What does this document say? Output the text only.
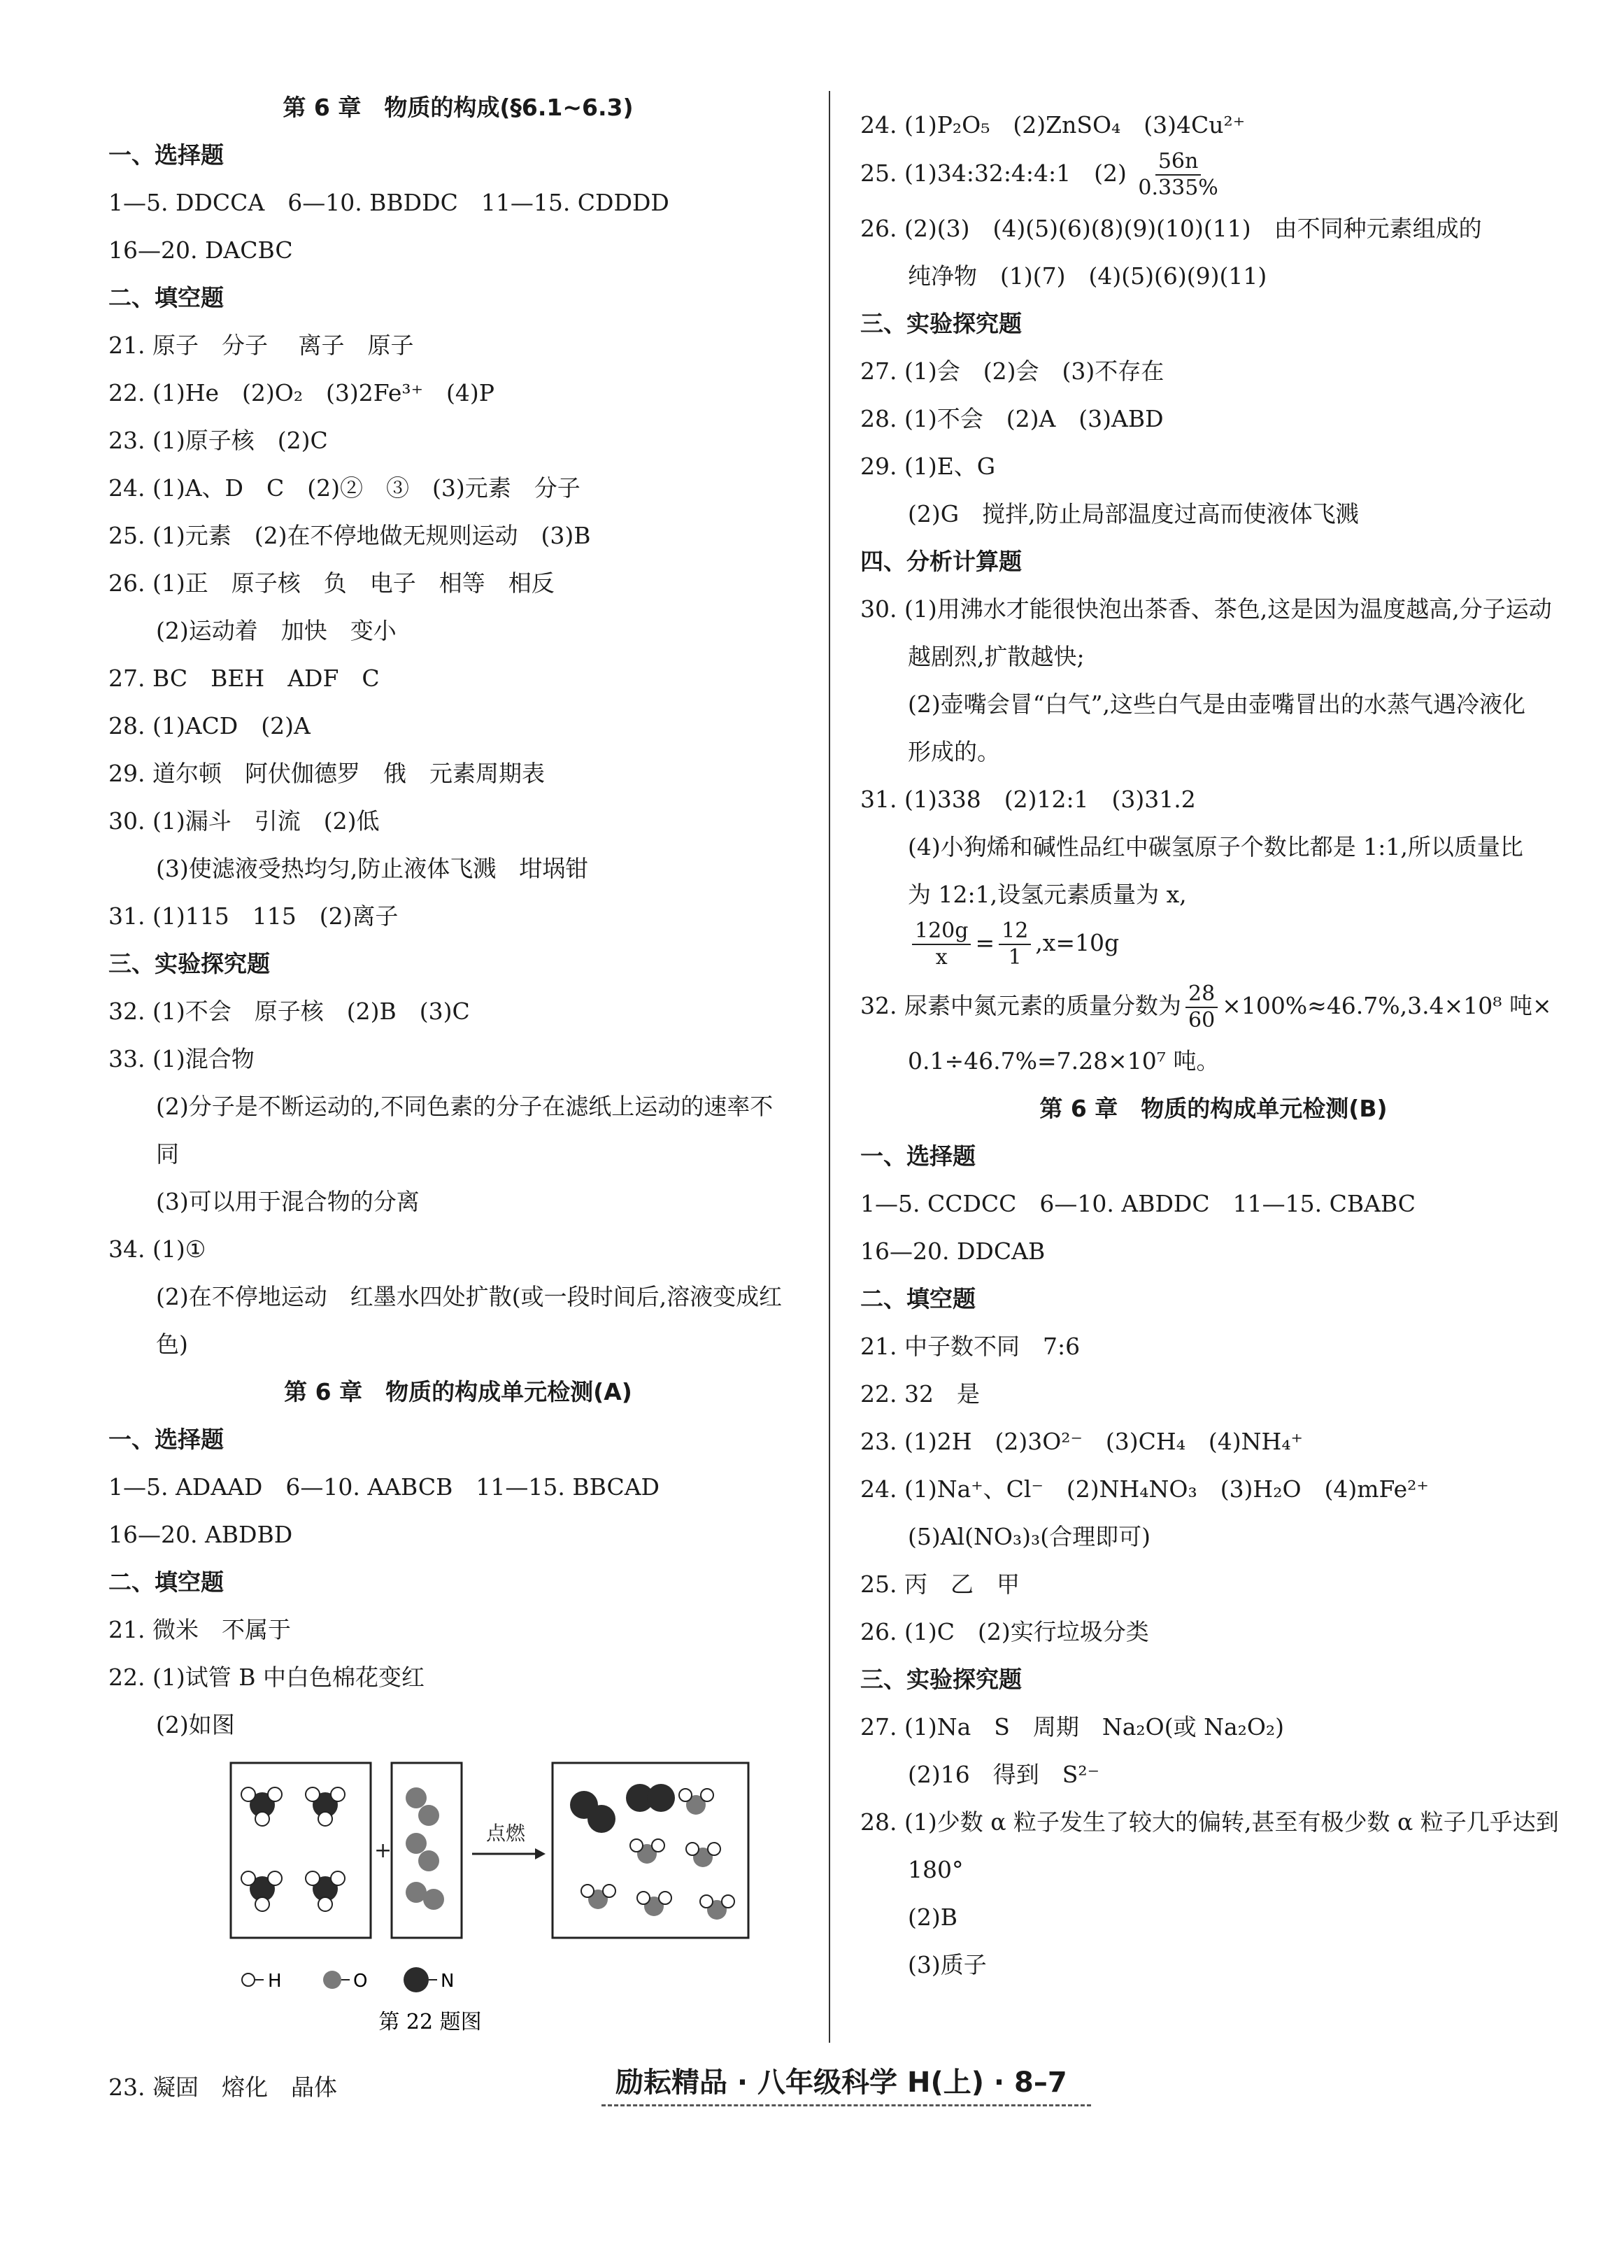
第 6 章　物质的构成(§6.1~6.3)
一、选择题
1—5. DDCCA　6—10. BBDDC　11—15. CDDDD
16—20. DACBC
二、填空题
21. 原子　分子　 离子　原子
22. (1)He　(2)O₂　(3)2Fe³⁺　(4)P
23. (1)原子核　(2)C
24. (1)A、D　C　(2)②　③　(3)元素　分子
25. (1)元素　(2)在不停地做无规则运动　(3)B
26. (1)正　原子核　负　电子　相等　相反
(2)运动着　加快　变小
27. BC　BEH　ADF　C
28. (1)ACD　(2)A
29. 道尔顿　阿伏伽德罗　俄　元素周期表
30. (1)漏斗　引流　(2)低
(3)使滤液受热均匀,防止液体飞溅　坩埚钳
31. (1)115　115　(2)离子
三、实验探究题
32. (1)不会　原子核　(2)B　(3)C
33. (1)混合物
(2)分子是不断运动的,不同色素的分子在滤纸上运动的速率不同
(3)可以用于混合物的分离
34. (1)①
(2)在不停地运动　红墨水四处扩散(或一段时间后,溶液变成红色)
第 6 章　物质的构成单元检测(A)
一、选择题
1—5. ADAAD　6—10. AABCB　11—15. BBCAD
16—20. ABDBD
二、填空题
21. 微米　不属于
22. (1)试管 B 中白色棉花变红
(2)如图
+
点燃
H	O	N
第 22 题图
23. 凝固　熔化　晶体
24. (1)P₂O₅　(2)ZnSO₄　(3)4Cu²⁺
25. (1)34:32:4:4:1　$(2) \frac{56n}{0.335\%}$
26. (2)(3)　(4)(5)(6)(8)(9)(10)(11)　由不同种元素组成的
纯净物　(1)(7)　(4)(5)(6)(9)(11)
三、实验探究题
27. (1)会　(2)会　(3)不存在
28. (1)不会　(2)A　(3)ABD
29. (1)E、G
(2)G　搅拌,防止局部温度过高而使液体飞溅
四、分析计算题
30. (1)用沸水才能很快泡出茶香、茶色,这是因为温度越高,分子运动越剧烈,扩散越快;
(2)壶嘴会冒“白气”,这些白气是由壶嘴冒出的水蒸气遇冷液化形成的。
31. (1)338　(2)12:1　(3)31.2
(4)小狗烯和碱性品红中碳氢原子个数比都是 1:1,所以质量比为 12:1,设氢元素质量为 x,
$\frac{120g}{x} = \frac{12}{1} ,x=10g$
32. 尿素中氮元素的质量分数为 $\frac{28}{60} \times 100\%\approx 46.7\%,3.4\times 10^8$ 吨×
0.1÷46.7%=7.28×10⁷ 吨。
第 6 章　物质的构成单元检测(B)
一、选择题
1—5. CCDCC　6—10. ABDDC　11—15. CBABC
16—20. DDCAB
二、填空题
21. 中子数不同　7:6
22. 32　是
23. (1)2H　(2)3O²⁻　(3)CH₄　(4)NH₄⁺
24. (1)Na⁺、Cl⁻　(2)NH₄NO₃　(3)H₂O　(4)mFe²⁺
(5)Al(NO₃)₃(合理即可)
25. 丙　乙　甲
26. (1)C　(2)实行垃圾分类
三、实验探究题
27. (1)Na　S　周期　Na₂O(或 Na₂O₂)
(2)16　得到　S²⁻
28. (1)少数 α 粒子发生了较大的偏转,甚至有极少数 α 粒子几乎达到 180°
(2)B
(3)质子
励耘精品 · 八年级科学 H(上) · 8–7
